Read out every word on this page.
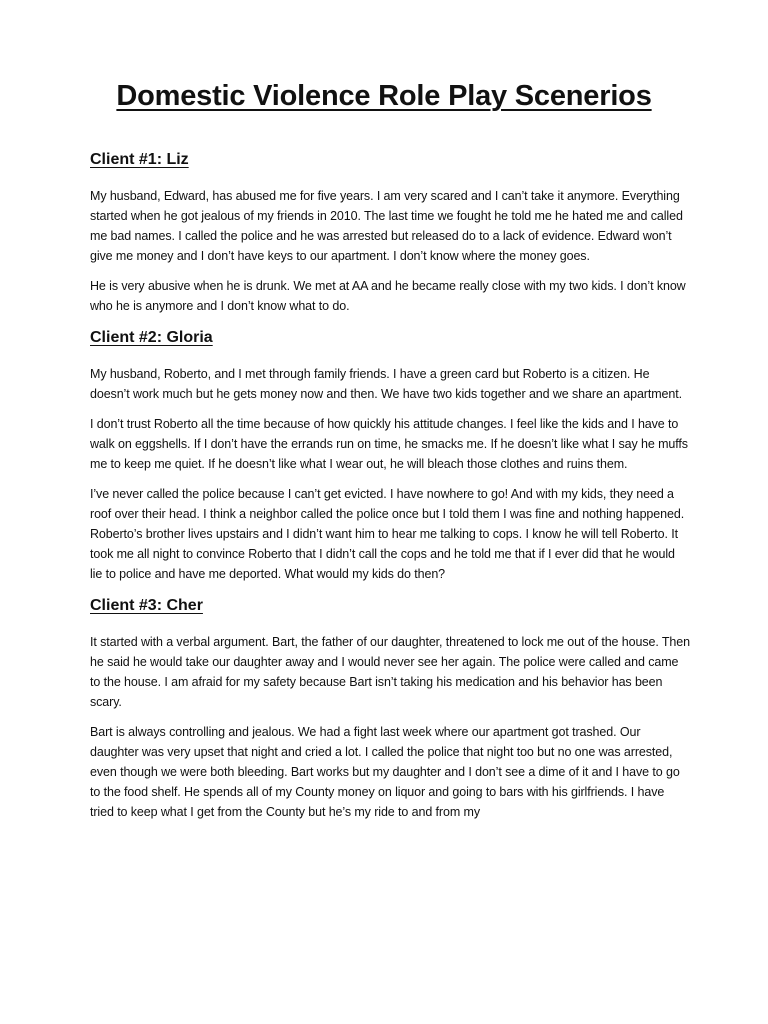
Domestic Violence Role Play Scenerios
Client #1: Liz

My husband, Edward, has abused me for five years. I am very scared and I can’t take it anymore. Everything started when he got jealous of my friends in 2010. The last time we fought he told me he hated me and called me bad names. I called the police and he was arrested but released do to a lack of evidence. Edward won’t give me money and I don’t have keys to our apartment. I don’t know where the money goes.

He is very abusive when he is drunk. We met at AA and he became really close with my two kids. I don’t know who he is anymore and I don’t know what to do.

Client #2: Gloria

My husband, Roberto, and I met through family friends. I have a green card but Roberto is a citizen. He doesn’t work much but he gets money now and then. We have two kids together and we share an apartment.

I don’t trust Roberto all the time because of how quickly his attitude changes. I feel like the kids and I have to walk on eggshells. If I don’t have the errands run on time, he smacks me. If he doesn’t like what I say he muffs me to keep me quiet. If he doesn’t like what I wear out, he will bleach those clothes and ruins them.

I’ve never called the police because I can’t get evicted. I have nowhere to go! And with my kids, they need a roof over their head. I think a neighbor called the police once but I told them I was fine and nothing happened. Roberto’s brother lives upstairs and I didn’t want him to hear me talking to cops. I know he will tell Roberto. It took me all night to convince Roberto that I didn’t call the cops and he told me that if I ever did that he would lie to police and have me deported. What would my kids do then?

Client #3: Cher

It started with a verbal argument. Bart, the father of our daughter, threatened to lock me out of the house. Then he said he would take our daughter away and I would never see her again. The police were called and came to the house. I am afraid for my safety because Bart isn’t taking his medication and his behavior has been scary.

Bart is always controlling and jealous. We had a fight last week where our apartment got trashed. Our daughter was very upset that night and cried a lot. I called the police that night too but no one was arrested, even though we were both bleeding. Bart works but my daughter and I don’t see a dime of it and I have to go to the food shelf. He spends all of my County money on liquor and going to bars with his girlfriends. I have tried to keep what I get from the County but he’s my ride to and from my
